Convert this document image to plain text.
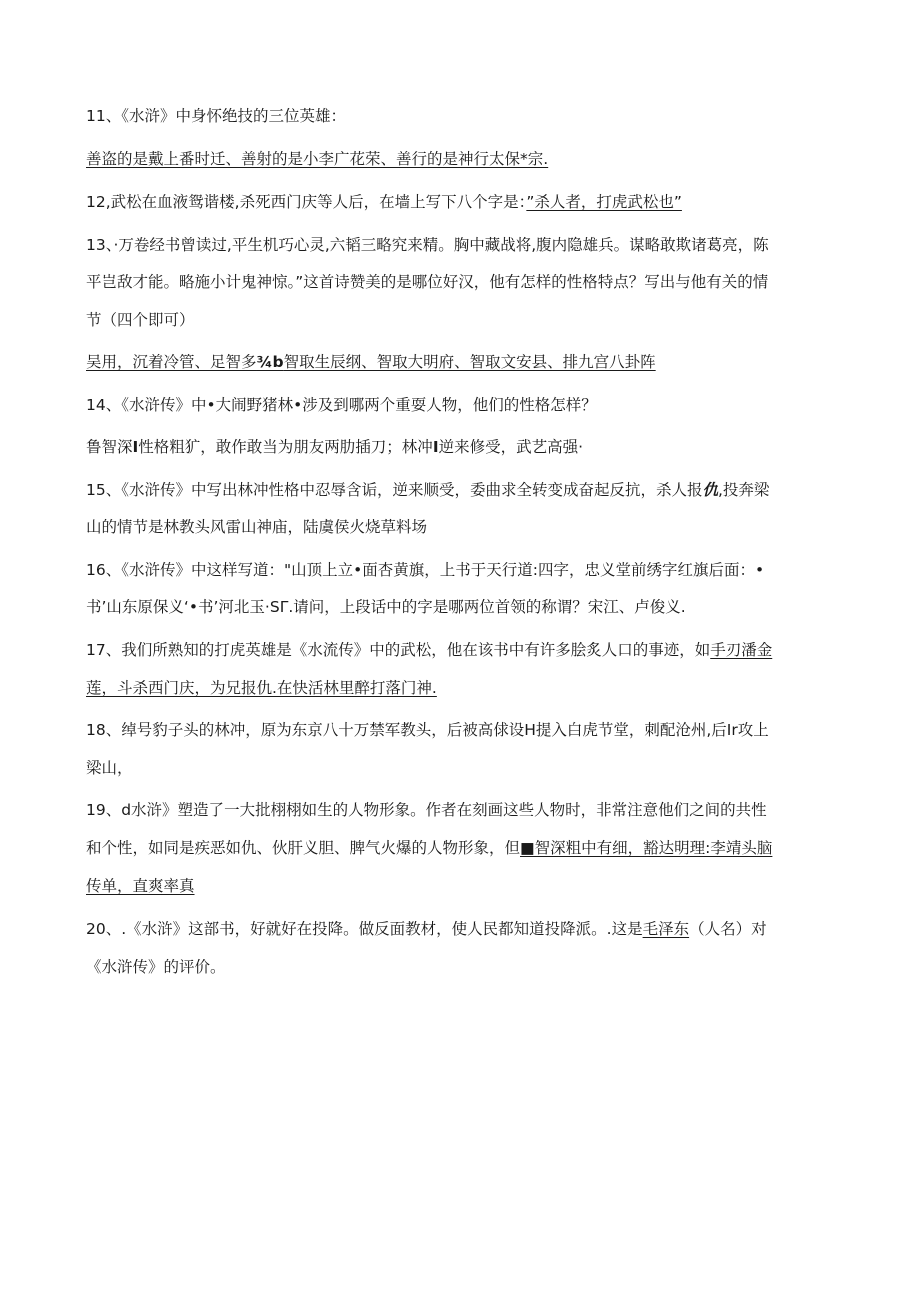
11、《水浒》中身怀绝技的三位英雄：
善盗的是戴上番时迁、善射的是小李广花荣、善行的是神行太保*宗.
12,武松在血液鸳谐楼,杀死西门庆等人后，在墙上写下八个字是：”杀人者，打虎武松也”
13、·万卷经书曾读过,平生机巧心灵,六韬三略究来精。胸中藏战将,腹内隐雄兵。谋略敢欺诸葛亮，陈
平岂敌才能。略施小计鬼神惊。”这首诗赞美的是哪位好汉，他有怎样的性格特点？写出与他有关的情
节（四个即可）
吴用，沉着冷管、足智多¾b智取生辰纲、智取大明府、智取文安县、排九宫八卦阵
14、《水浒传》中•大闹野猪林•涉及到哪两个重耍人物，他们的性格怎样？
鲁智深I性格粗犷，敢作敢当为朋友两肋插刀；林冲I逆来修受，武艺高强·
15、《水浒传》中写出林冲性格中忍辱含诟，逆来顺受，委曲求全转变成奋起反抗，杀人报仇,投奔梁
山的情节是林教头风雷山神庙，陆虞侯火烧草料场
16、《水浒传》中这样写道："山顶上立•面杏黄旗，上书于天行道:四字，忠义堂前绣字红旗后面：•
书’山东原保义‘•书’河北玉·SΓ.请问，上段话中的字是哪两位首领的称谓？宋江、卢俊义.
17、我们所熟知的打虎英雄是《水流传》中的武松，他在该书中有许多脍炙人口的事迹，如手刃潘金
莲，斗杀西门庆，为兄报仇.在快活林里醉打落门神.
18、绰号豹子头的林冲，原为东京八十万禁军教头，后被高俅设H提入白虎节堂，刺配沧州,后Ir攻上
梁山，
19、d水浒》塑造了一大批栩栩如生的人物形象。作者在刻画这些人物时，非常注意他们之间的共性
和个性，如同是疾恶如仇、伙肝义胆、脾气火爆的人物形象，但■智深粗中有细，豁达明理:李靖头脑
传单，直爽率真
20、.《水浒》这部书，好就好在投降。做反面教材，使人民都知道投降派。.这是毛泽东（人名）对
《水浒传》的评价。
